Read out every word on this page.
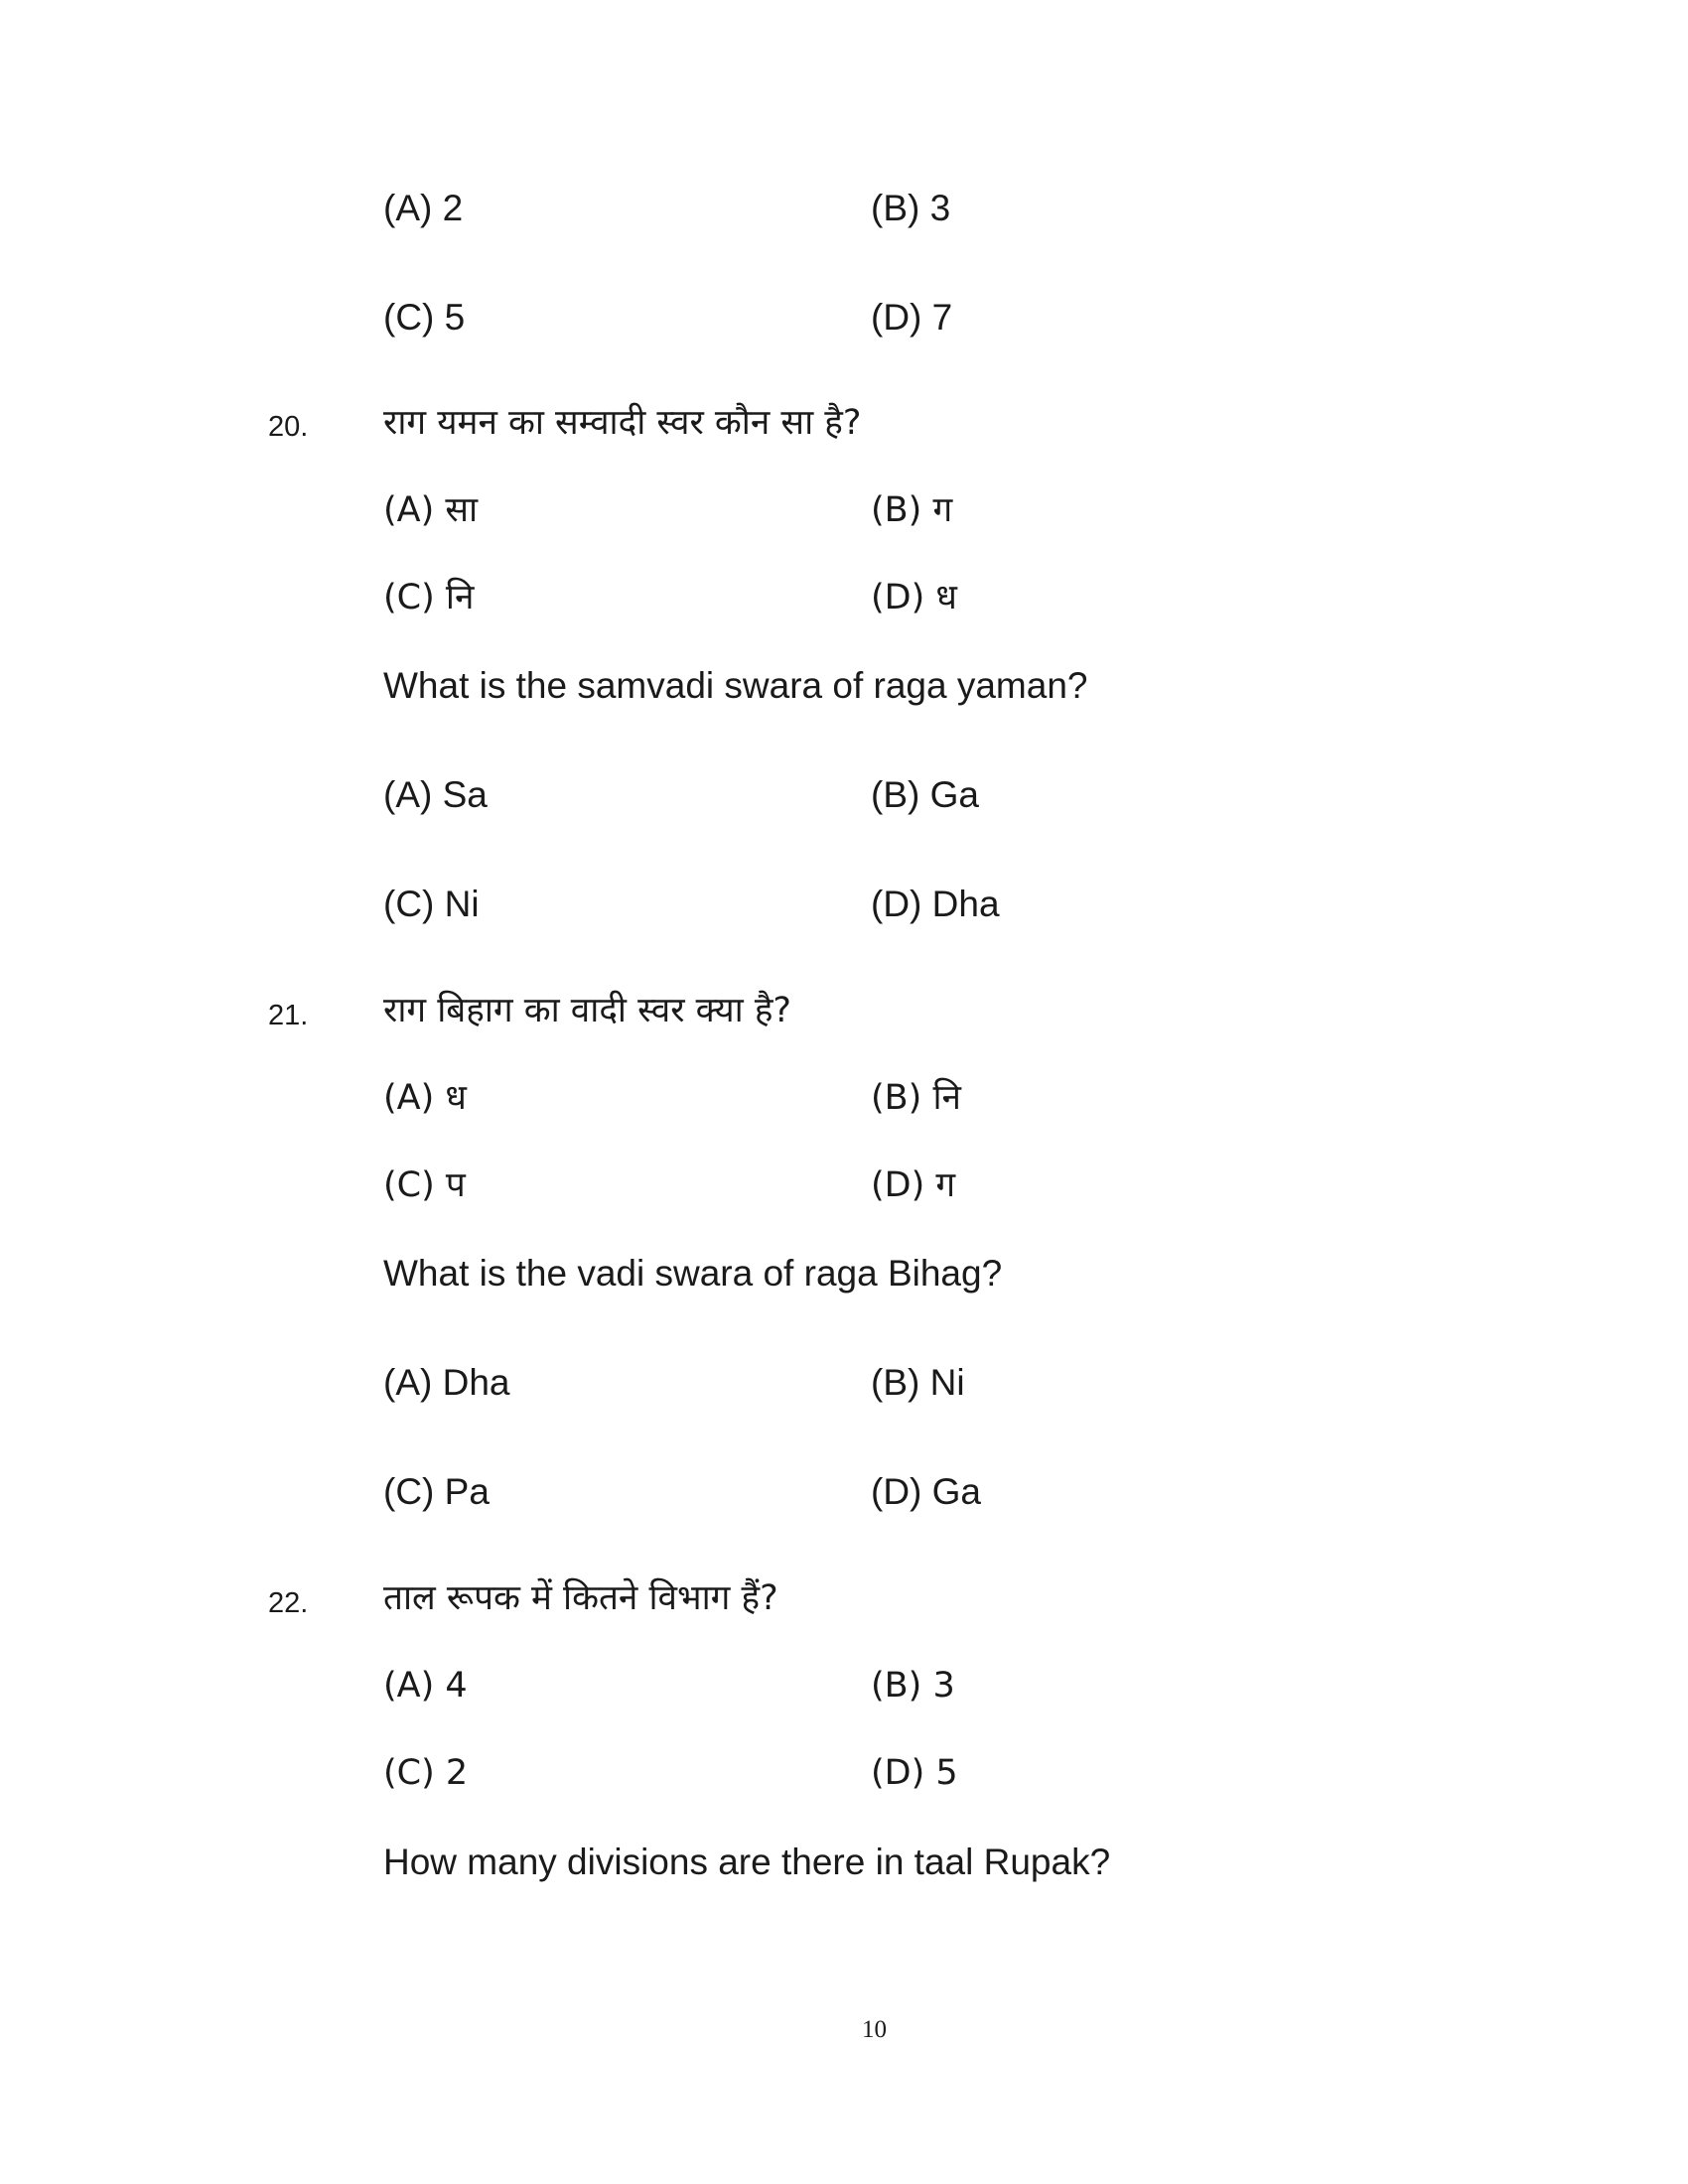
(A) 2	(B) 3
(C) 5	(D) 7
20. राग यमन का सम्वादी स्वर कौन सा है?
(A) सा	(B) ग
(C) नि	(D) ध
What is the samvadi swara of raga yaman?
(A) Sa	(B) Ga
(C) Ni	(D) Dha
21. राग बिहाग का वादी स्वर क्या है?
(A) ध	(B) नि
(C) प	(D) ग
What is the vadi swara of raga Bihag?
(A) Dha	(B) Ni
(C) Pa	(D) Ga
22. ताल रूपक में कितने विभाग हैं?
(A) 4	(B) 3
(C) 2	(D) 5
How many divisions are there in taal Rupak?
10
